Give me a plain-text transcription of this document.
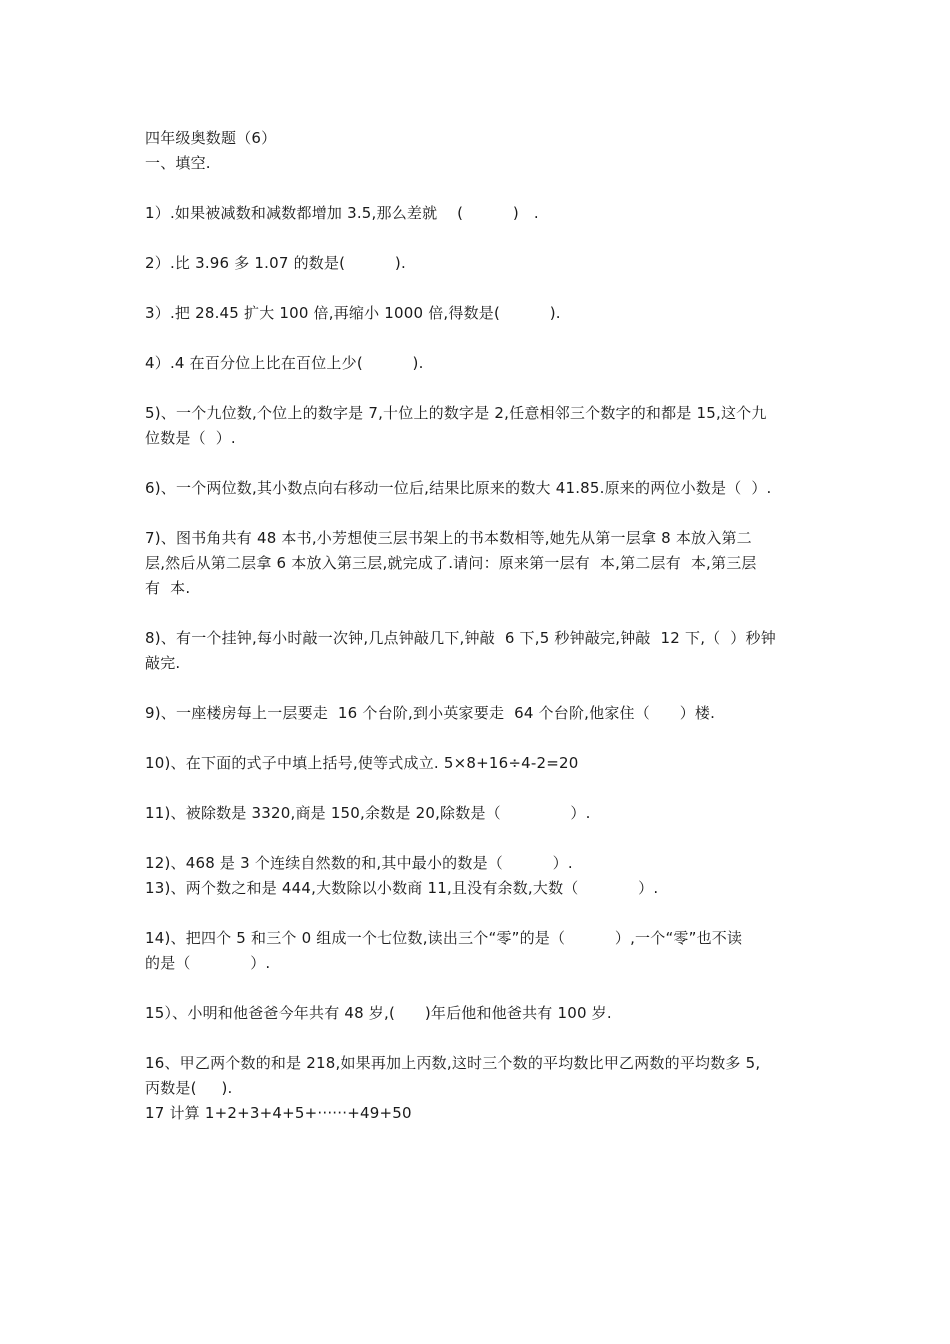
四年级奥数题（6）
一、填空.
1）.如果被减数和减数都增加 3.5,那么差就    (          )   .
2）.比 3.96 多 1.07 的数是(          ).
3）.把 28.45 扩大 100 倍,再缩小 1000 倍,得数是(          ).
4）.4 在百分位上比在百位上少(          ).
5)、一个九位数,个位上的数字是 7,十位上的数字是 2,任意相邻三个数字的和都是 15,这个九
位数是（  ）.
6)、一个两位数,其小数点向右移动一位后,结果比原来的数大 41.85.原来的两位小数是（  ）.
7)、图书角共有 48 本书,小芳想使三层书架上的书本数相等,她先从第一层拿 8 本放入第二
层,然后从第二层拿 6 本放入第三层,就完成了.请问：原来第一层有  本,第二层有  本,第三层
有  本.
8)、有一个挂钟,每小时敲一次钟,几点钟敲几下,钟敲  6 下,5 秒钟敲完,钟敲  12 下,（  ）秒钟
敲完.
9)、一座楼房每上一层要走  16 个台阶,到小英家要走  64 个台阶,他家住（      ）楼.
10)、在下面的式子中填上括号,使等式成立. 5×8+16÷4-2=20
11)、被除数是 3320,商是 150,余数是 20,除数是（              ）.
12)、468 是 3 个连续自然数的和,其中最小的数是（          ）.
13)、两个数之和是 444,大数除以小数商 11,且没有余数,大数（            ）.
14)、把四个 5 和三个 0 组成一个七位数,读出三个“零”的是（          ）,一个“零”也不读
的是（            ）.
15）、小明和他爸爸今年共有 48 岁,(      )年后他和他爸共有 100 岁.
16、甲乙两个数的和是 218,如果再加上丙数,这时三个数的平均数比甲乙两数的平均数多 5,
丙数是(     ).
17 计算 1+2+3+4+5+······+49+50
